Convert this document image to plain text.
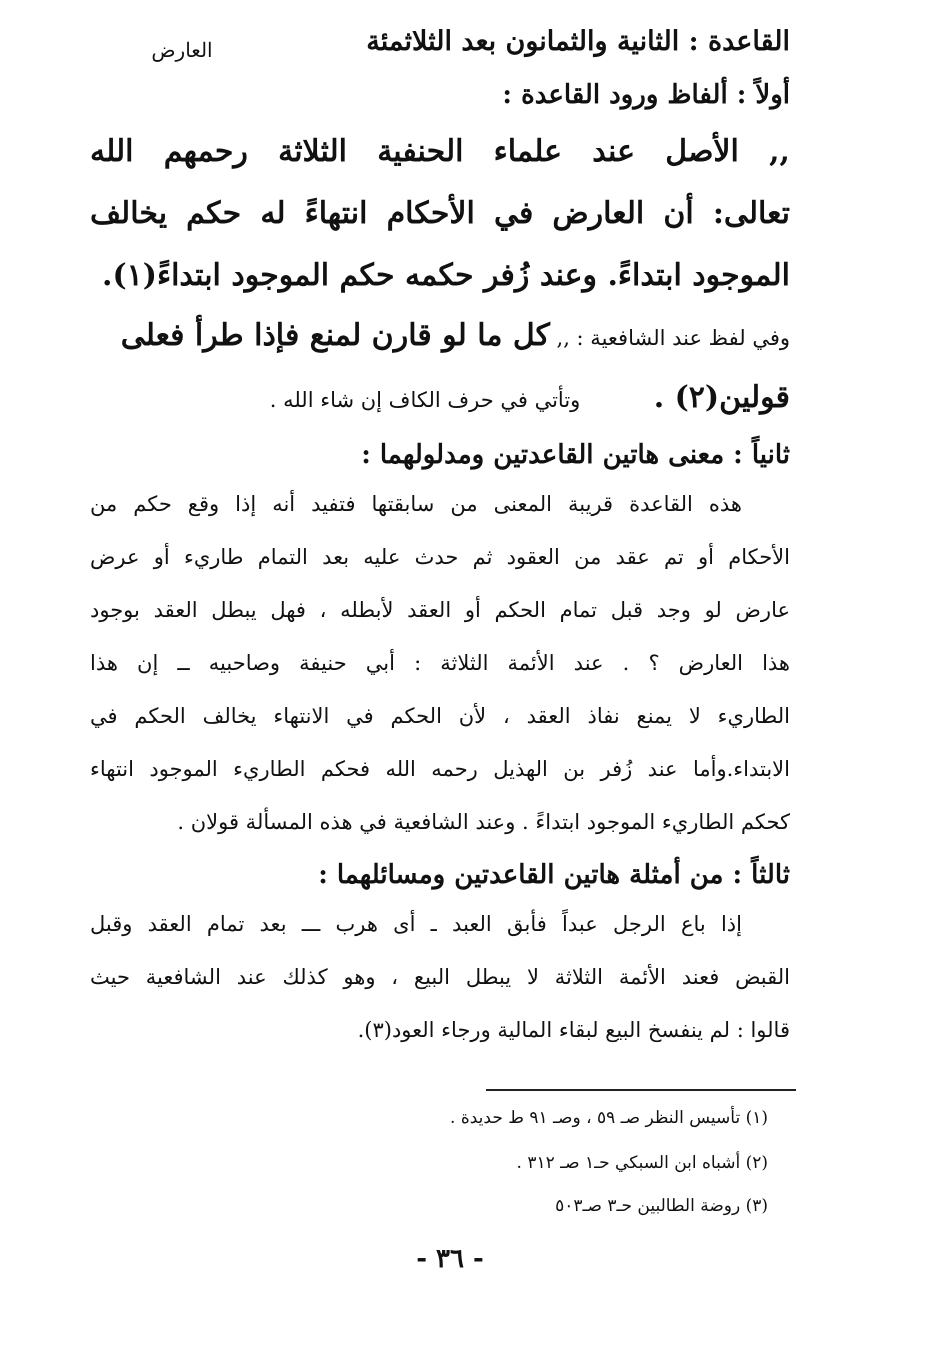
القاعدة : الثانية والثمانون بعد الثلاثمئة
العارض
أولاً : ألفاظ ورود القاعدة :
,, الأصل عند علماء الحنفية الثلاثة رحمهم الله
تعالى: أن العارض في الأحكام انتهاءً له حكم يخالف
الموجود ابتداءً. وعند زُفر حكمه حكم الموجود ابتداءً(١).
وفي لفظ عند الشافعية : ,, كل ما لو قارن لمنع فإذا طرأ فعلى
قولين(٢) .  وتأتي في حرف الكاف إن شاء الله .
ثانياً : معنى هاتين القاعدتين ومدلولهما :
هذه القاعدة قريبة المعنى من سابقتها فتفيد أنه إذا وقع حكم من
الأحكام أو تم عقد من العقود ثم حدث عليه بعد التمام طاريء أو عرض
عارض لو وجد قبل تمام الحكم أو العقد لأبطله ، فهل يبطل العقد بوجود
هذا العارض ؟ . عند الأئمة الثلاثة : أبي حنيفة وصاحبيه ــ إن هذا
الطاريء لا يمنع نفاذ العقد ، لأن الحكم في الانتهاء يخالف الحكم في
الابتداء.وأما عند زُفر بن الهذيل رحمه الله فحكم الطاريء الموجود انتهاء
كحكم الطاريء الموجود ابتداءً . وعند الشافعية في هذه المسألة قولان .
ثالثاً : من أمثلة هاتين القاعدتين ومسائلهما :
إذا باع الرجل عبداً فأبق العبد ـ أى هرب ـــ بعد تمام العقد وقبل
القبض فعند الأئمة الثلاثة لا يبطل البيع ، وهو كذلك عند الشافعية حيث
قالوا : لم ينفسخ البيع لبقاء المالية ورجاء العود(٣).
(١) تأسيس النظر صـ ٥٩ ، وصـ ٩١ ط حديدة .
(٢) أشباه ابن السبكي حـ١ صـ ٣١٢ .
(٣) روضة الطالبين حـ٣ صـ٥٠٣
- ٣٦ -
